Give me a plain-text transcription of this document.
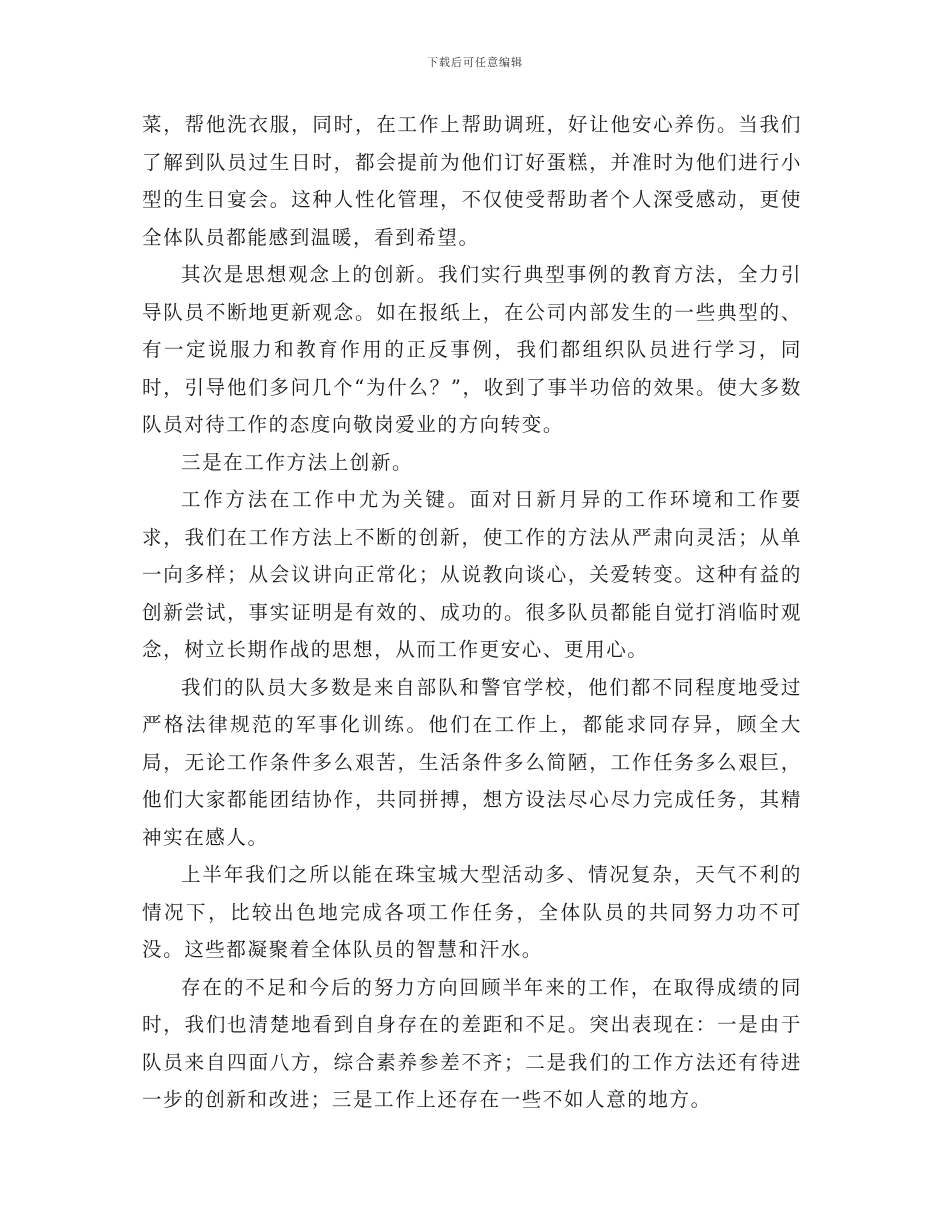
下载后可任意编辑

菜，帮他洗衣服，同时，在工作上帮助调班，好让他安心养伤。当我们了解到队员过生日时，都会提前为他们订好蛋糕，并准时为他们进行小型的生日宴会。这种人性化管理，不仅使受帮助者个人深受感动，更使全体队员都能感到温暖，看到希望。

其次是思想观念上的创新。我们实行典型事例的教育方法，全力引导队员不断地更新观念。如在报纸上，在公司内部发生的一些典型的、有一定说服力和教育作用的正反事例，我们都组织队员进行学习，同时，引导他们多问几个“为什么？”，收到了事半功倍的效果。使大多数队员对待工作的态度向敬岗爱业的方向转变。

三是在工作方法上创新。

工作方法在工作中尤为关键。面对日新月异的工作环境和工作要求，我们在工作方法上不断的创新，使工作的方法从严肃向灵活；从单一向多样；从会议讲向正常化；从说教向谈心，关爱转变。这种有益的创新尝试，事实证明是有效的、成功的。很多队员都能自觉打消临时观念，树立长期作战的思想，从而工作更安心、更用心。

我们的队员大多数是来自部队和警官学校，他们都不同程度地受过严格法律规范的军事化训练。他们在工作上，都能求同存异，顾全大局，无论工作条件多么艰苦，生活条件多么简陋，工作任务多么艰巨，他们大家都能团结协作，共同拼搏，想方设法尽心尽力完成任务，其精神实在感人。

上半年我们之所以能在珠宝城大型活动多、情况复杂，天气不利的情况下，比较出色地完成各项工作任务，全体队员的共同努力功不可没。这些都凝聚着全体队员的智慧和汗水。

存在的不足和今后的努力方向回顾半年来的工作，在取得成绩的同时，我们也清楚地看到自身存在的差距和不足。突出表现在：一是由于队员来自四面八方，综合素养参差不齐；二是我们的工作方法还有待进一步的创新和改进；三是工作上还存在一些不如人意的地方。
